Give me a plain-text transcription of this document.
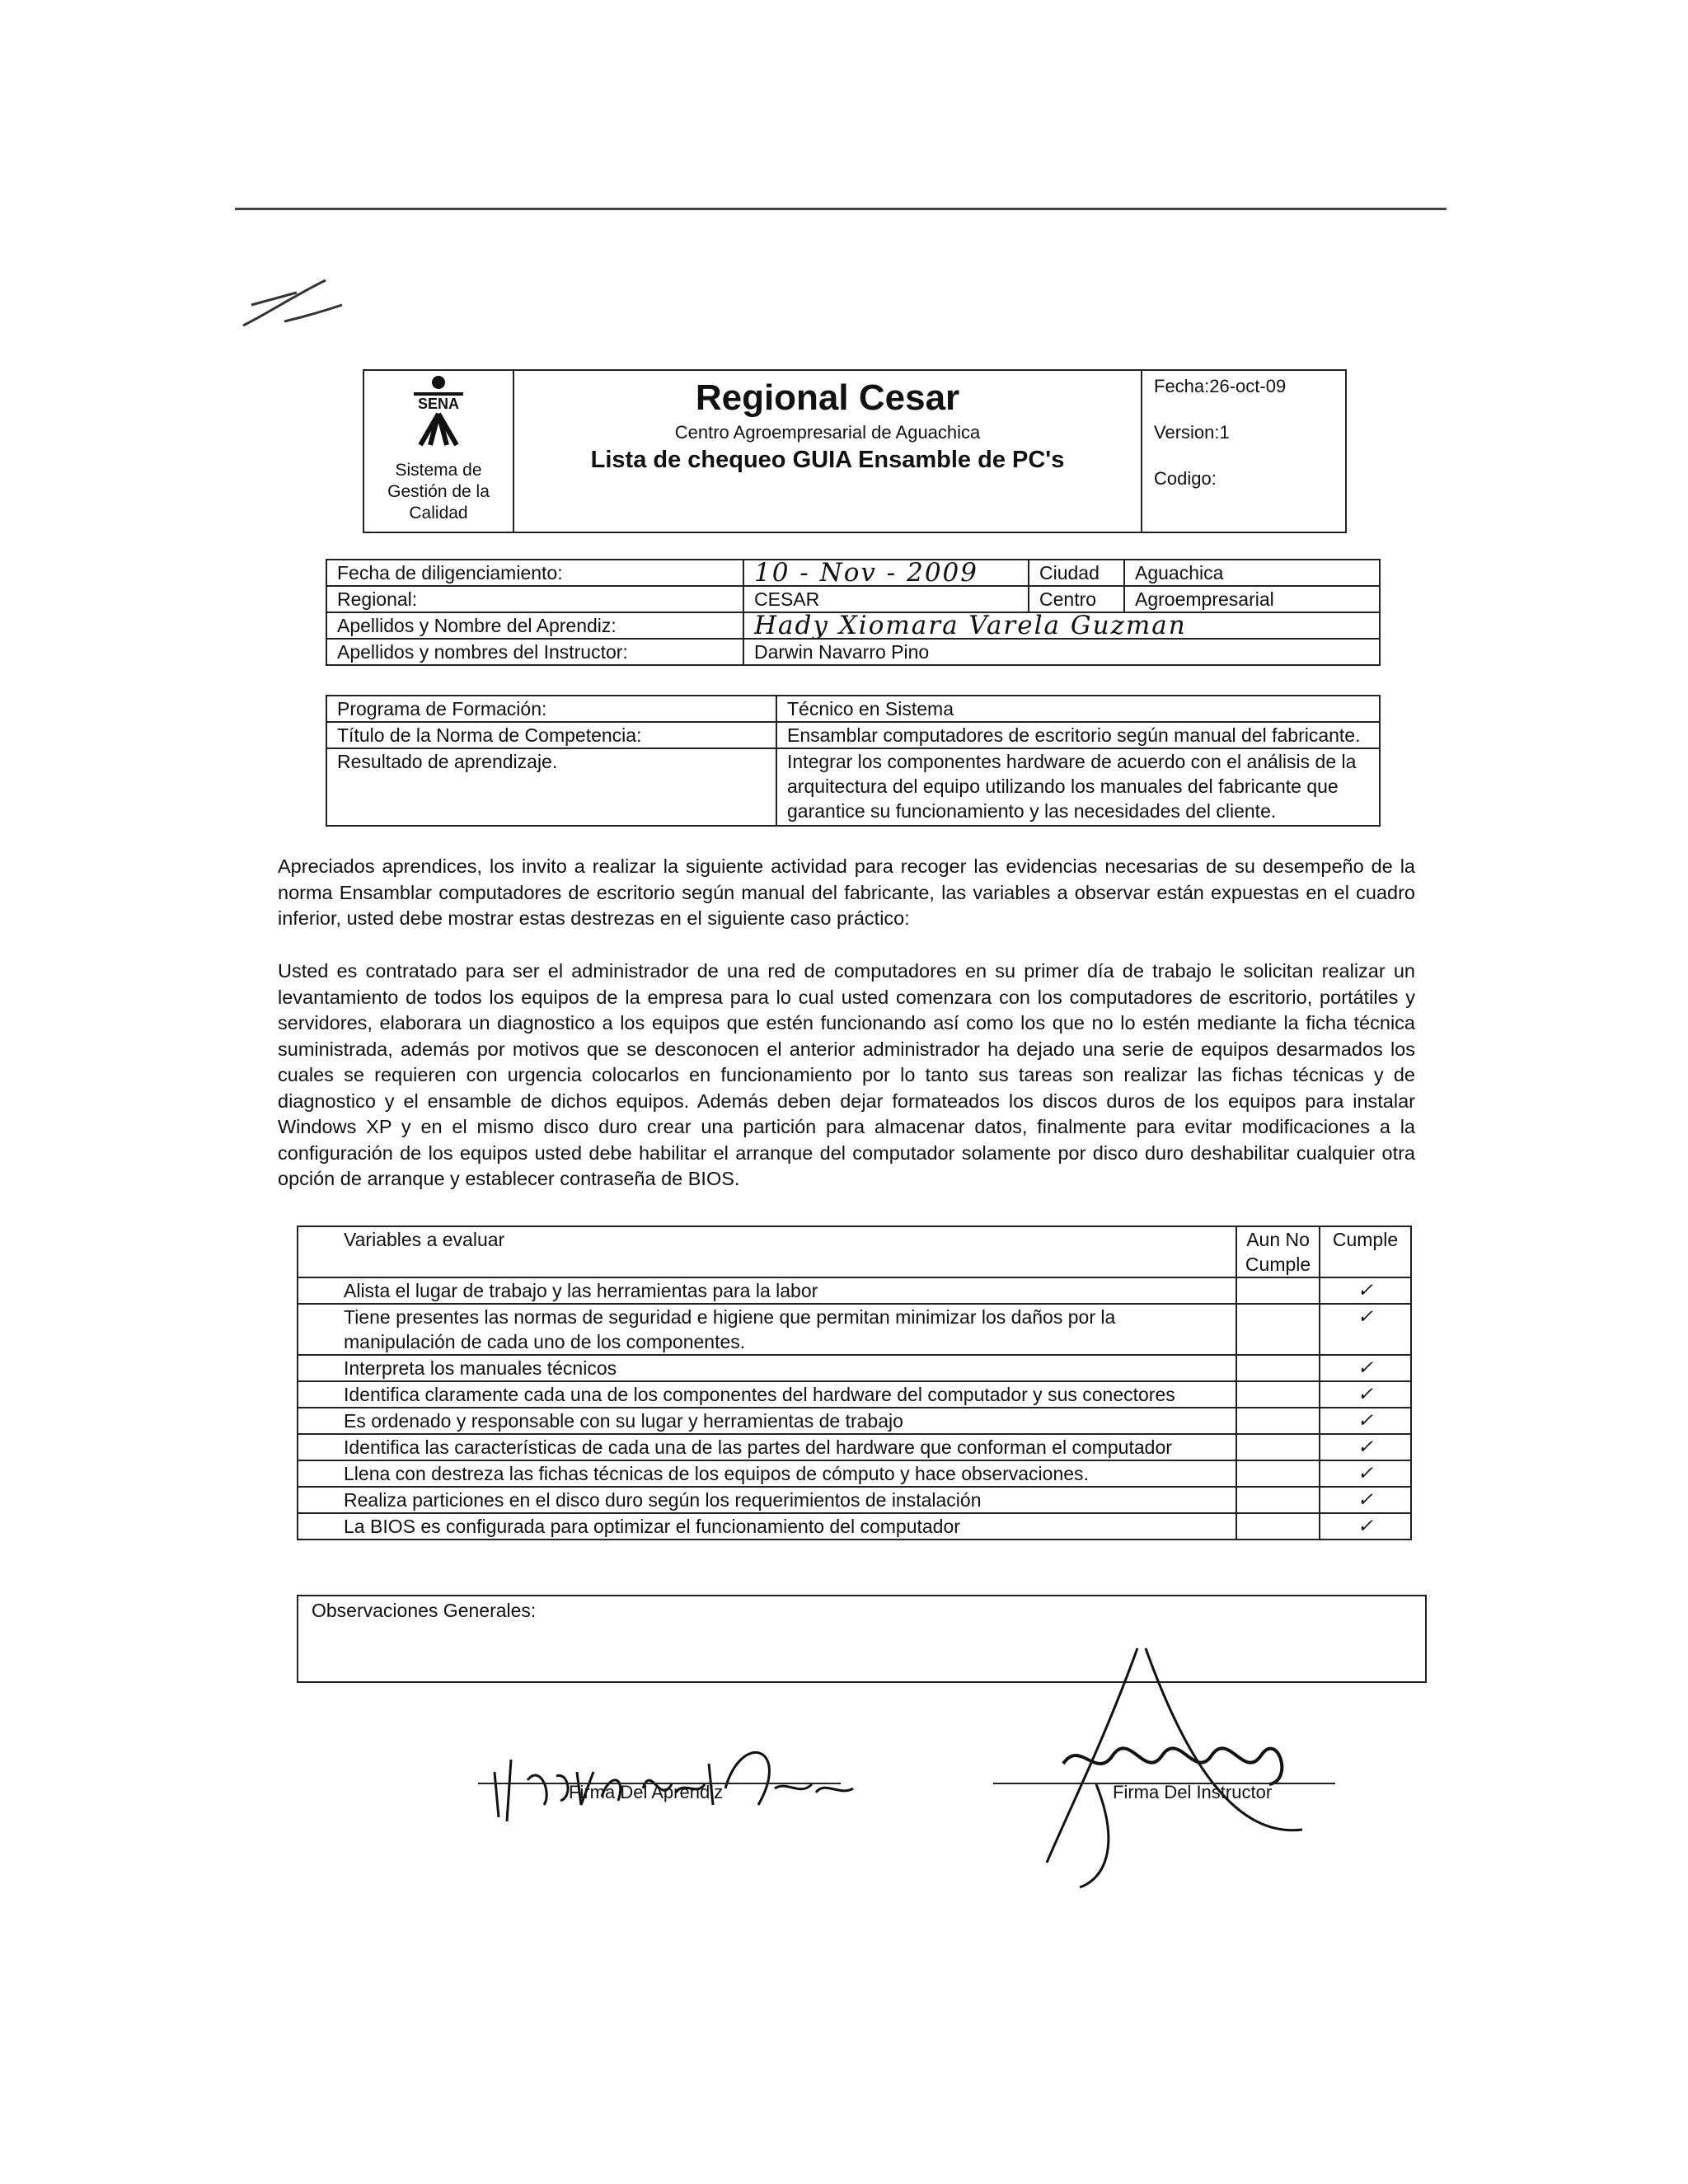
SENA
Sistema de Gestión de la Calidad
Regional Cesar
Centro Agroempresarial de Aguachica
Lista de chequeo GUIA Ensamble de PC's
Fecha:26-oct-09
Version:1
Codigo:
Fecha de diligenciamiento:	10 - Nov - 2009	Ciudad	Aguachica
Regional:	CESAR	Centro	Agroempresarial
Apellidos y Nombre del Aprendiz:	Hady Xiomara Varela Guzman		
Apellidos y nombres del Instructor:	Darwin Navarro Pino		
Programa de Formación:	Técnico en Sistema
Título de la Norma de Competencia:	Ensamblar computadores de escritorio según manual del fabricante.
Resultado de aprendizaje.	Integrar los componentes hardware de acuerdo con el análisis de la arquitectura del equipo utilizando los manuales del fabricante que garantice su funcionamiento y las necesidades del cliente.
Apreciados aprendices, los invito a realizar la siguiente actividad para recoger las evidencias necesarias de su desempeño de la norma Ensamblar computadores de escritorio según manual del fabricante, las variables a observar están expuestas en el cuadro inferior, usted debe mostrar estas destrezas en el siguiente caso práctico:
Usted es contratado para ser el administrador de una red de computadores en su primer día de trabajo le solicitan realizar un levantamiento de todos los equipos de la empresa para lo cual usted comenzara con los computadores de escritorio, portátiles y servidores, elaborara un diagnostico a los equipos que estén funcionando así como los que no lo estén mediante la ficha técnica suministrada, además por motivos que se desconocen el anterior administrador ha dejado una serie de equipos desarmados los cuales se requieren con urgencia colocarlos en funcionamiento por lo tanto sus tareas son realizar las fichas técnicas y de diagnostico y el ensamble de dichos equipos. Además deben dejar formateados los discos duros de los equipos para instalar Windows XP y en el mismo disco duro crear una partición para almacenar datos, finalmente para evitar modificaciones a la configuración de los equipos usted debe habilitar el arranque del computador solamente por disco duro deshabilitar cualquier otra opción de arranque y establecer contraseña de BIOS.
Variables a evaluar	Aun No Cumple	Cumple
Alista el lugar de trabajo y las herramientas para la labor		✓
Tiene presentes las normas de seguridad e higiene que permitan minimizar los daños por la manipulación de cada uno de los componentes.		✓
Interpreta los manuales técnicos		✓
Identifica claramente cada una de los componentes del hardware del computador y sus conectores		✓
Es ordenado y responsable con su lugar y herramientas de trabajo		✓
Identifica las características de cada una de las partes del hardware que conforman el computador		✓
Llena con destreza las fichas técnicas de los equipos de cómputo y hace observaciones.		✓
Realiza particiones en el disco duro según los requerimientos de instalación		✓
La BIOS es configurada para optimizar el funcionamiento del computador		✓
Observaciones Generales:
Firma Del Aprendiz	Firma Del Instructor
